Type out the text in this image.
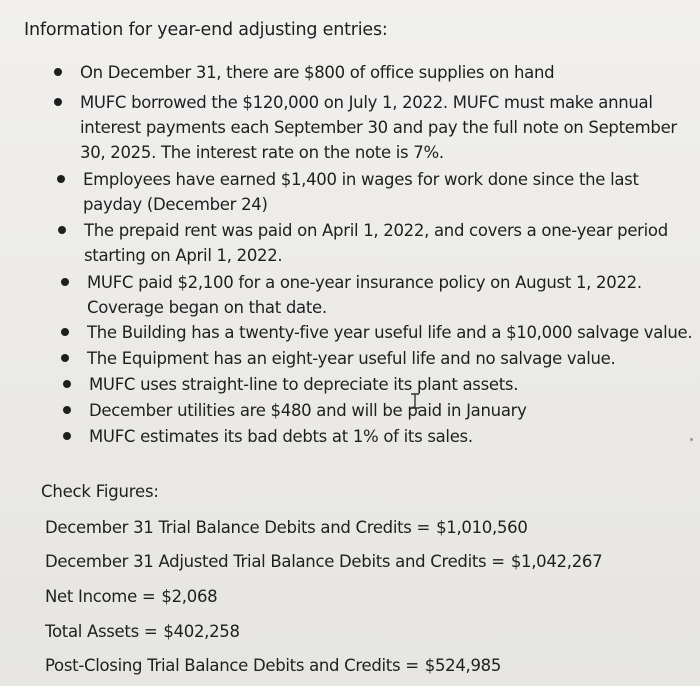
Information for year-end adjusting entries:
On December 31, there are $800 of office supplies on hand
MUFC borrowed the $120,000 on July 1, 2022. MUFC must make annual
interest payments each September 30 and pay the full note on September
30, 2025. The interest rate on the note is 7%.
Employees have earned $1,400 in wages for work done since the last
payday (December 24)
The prepaid rent was paid on April 1, 2022, and covers a one-year period
starting on April 1, 2022.
MUFC paid $2,100 for a one-year insurance policy on August 1, 2022.
Coverage began on that date.
The Building has a twenty-five year useful life and a $10,000 salvage value.
The Equipment has an eight-year useful life and no salvage value.
MUFC uses straight-line to depreciate its plant assets.
December utilities are $480 and will be paid in January
MUFC estimates its bad debts at 1% of its sales.
Check Figures:
December 31 Trial Balance Debits and Credits = $1,010,560
December 31 Adjusted Trial Balance Debits and Credits = $1,042,267
Net Income = $2,068
Total Assets = $402,258
Post-Closing Trial Balance Debits and Credits = $524,985
